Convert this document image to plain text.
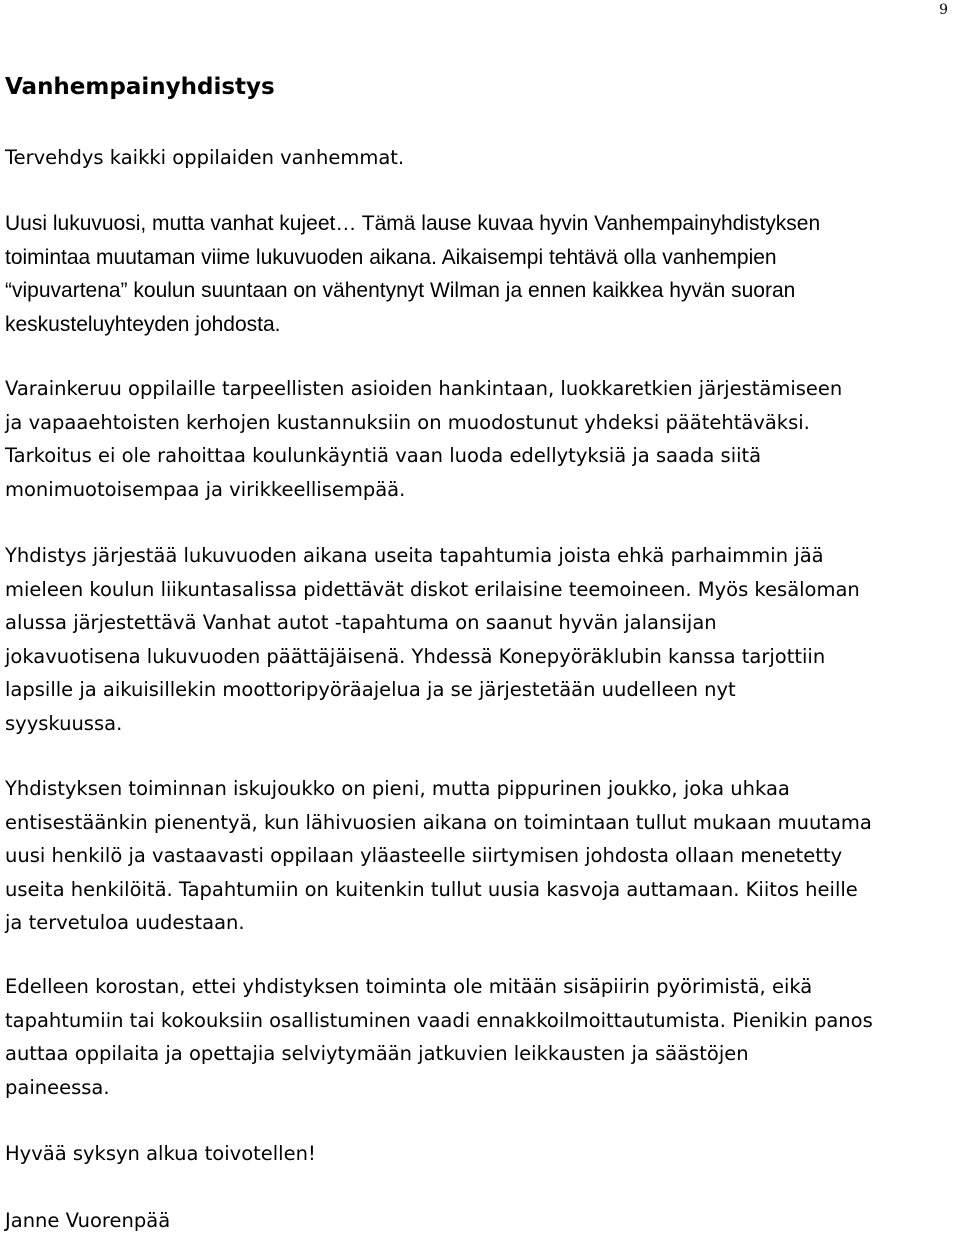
9
Vanhempainyhdistys

Tervehdys kaikki oppilaiden vanhemmat.

Uusi lukuvuosi, mutta vanhat kujeet… Tämä lause kuvaa hyvin Vanhempainyhdistyksen
toimintaa muutaman viime lukuvuoden aikana. Aikaisempi tehtävä olla vanhempien
“vipuvartena” koulun suuntaan on vähentynyt Wilman ja ennen kaikkea hyvän suoran
keskusteluyhteyden johdosta.

Varainkeruu oppilaille tarpeellisten asioiden hankintaan, luokkaretkien järjestämiseen
ja vapaaehtoisten kerhojen kustannuksiin on muodostunut yhdeksi päätehtäväksi.
Tarkoitus ei ole rahoittaa koulunkäyntiä vaan luoda edellytyksiä ja saada siitä
monimuotoisempaa ja virikkeellisempää.

Yhdistys järjestää lukuvuoden aikana useita tapahtumia joista ehkä parhaimmin jää
mieleen koulun liikuntasalissa pidettävät diskot erilaisine teemoineen. Myös kesäloman
alussa järjestettävä Vanhat autot -tapahtuma on saanut hyvän jalansijan
jokavuotisena lukuvuoden päättäjäisenä. Yhdessä Konepyöräklubin kanssa tarjottiin
lapsille ja aikuisillekin moottoripyöräajelua ja se järjestetään uudelleen nyt
syyskuussa.

Yhdistyksen toiminnan iskujoukko on pieni, mutta pippurinen joukko, joka uhkaa
entisestäänkin pienentyä, kun lähivuosien aikana on toimintaan tullut mukaan muutama
uusi henkilö ja vastaavasti oppilaan yläasteelle siirtymisen johdosta ollaan menetetty
useita henkilöitä. Tapahtumiin on kuitenkin tullut uusia kasvoja auttamaan. Kiitos heille
ja tervetuloa uudestaan.

Edelleen korostan, ettei yhdistyksen toiminta ole mitään sisäpiirin pyörimistä, eikä
tapahtumiin tai kokouksiin osallistuminen vaadi ennakkoilmoittautumista. Pienikin panos
auttaa oppilaita ja opettajia selviytymään jatkuvien leikkausten ja säästöjen
paineessa.

Hyvää syksyn alkua toivotellen!

Janne Vuorenpää
